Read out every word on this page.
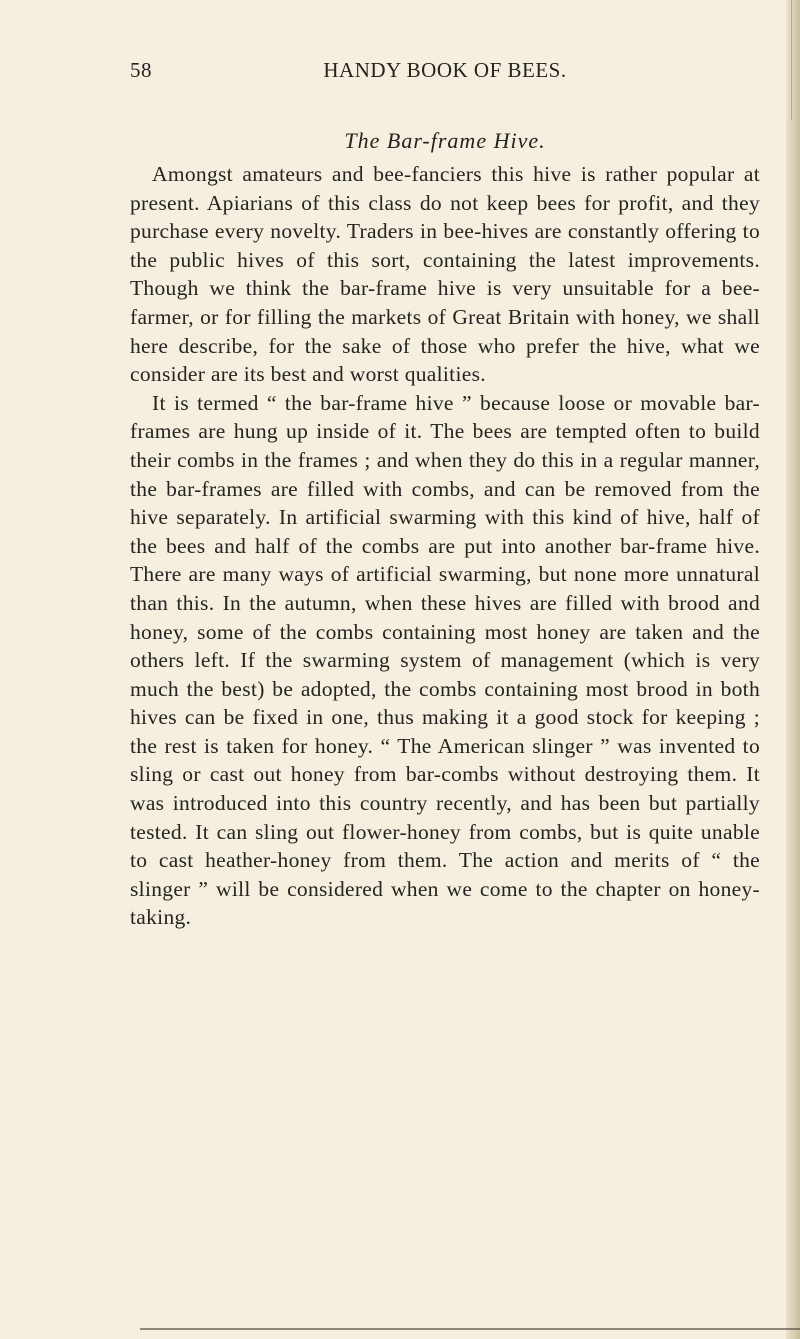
58	HANDY BOOK OF BEES.
The Bar-frame Hive.

Amongst amateurs and bee-fanciers this hive is rather popular at present. Apiarians of this class do not keep bees for profit, and they purchase every novelty. Traders in bee-hives are constantly offering to the public hives of this sort, containing the latest improvements. Though we think the bar-frame hive is very unsuitable for a bee-farmer, or for filling the markets of Great Britain with honey, we shall here describe, for the sake of those who prefer the hive, what we consider are its best and worst qualities.

It is termed “ the bar-frame hive ” because loose or movable bar-frames are hung up inside of it. The bees are tempted often to build their combs in the frames ; and when they do this in a regular manner, the bar-frames are filled with combs, and can be removed from the hive separately. In artificial swarming with this kind of hive, half of the bees and half of the combs are put into another bar-frame hive. There are many ways of artificial swarming, but none more unnatural than this. In the autumn, when these hives are filled with brood and honey, some of the combs containing most honey are taken and the others left. If the swarming system of management (which is very much the best) be adopted, the combs containing most brood in both hives can be fixed in one, thus making it a good stock for keeping ; the rest is taken for honey. “ The American slinger ” was invented to sling or cast out honey from bar-combs without destroying them. It was introduced into this country recently, and has been but partially tested. It can sling out flower-honey from combs, but is quite unable to cast heather-honey from them. The action and merits of “ the slinger ” will be considered when we come to the chapter on honey-taking.
